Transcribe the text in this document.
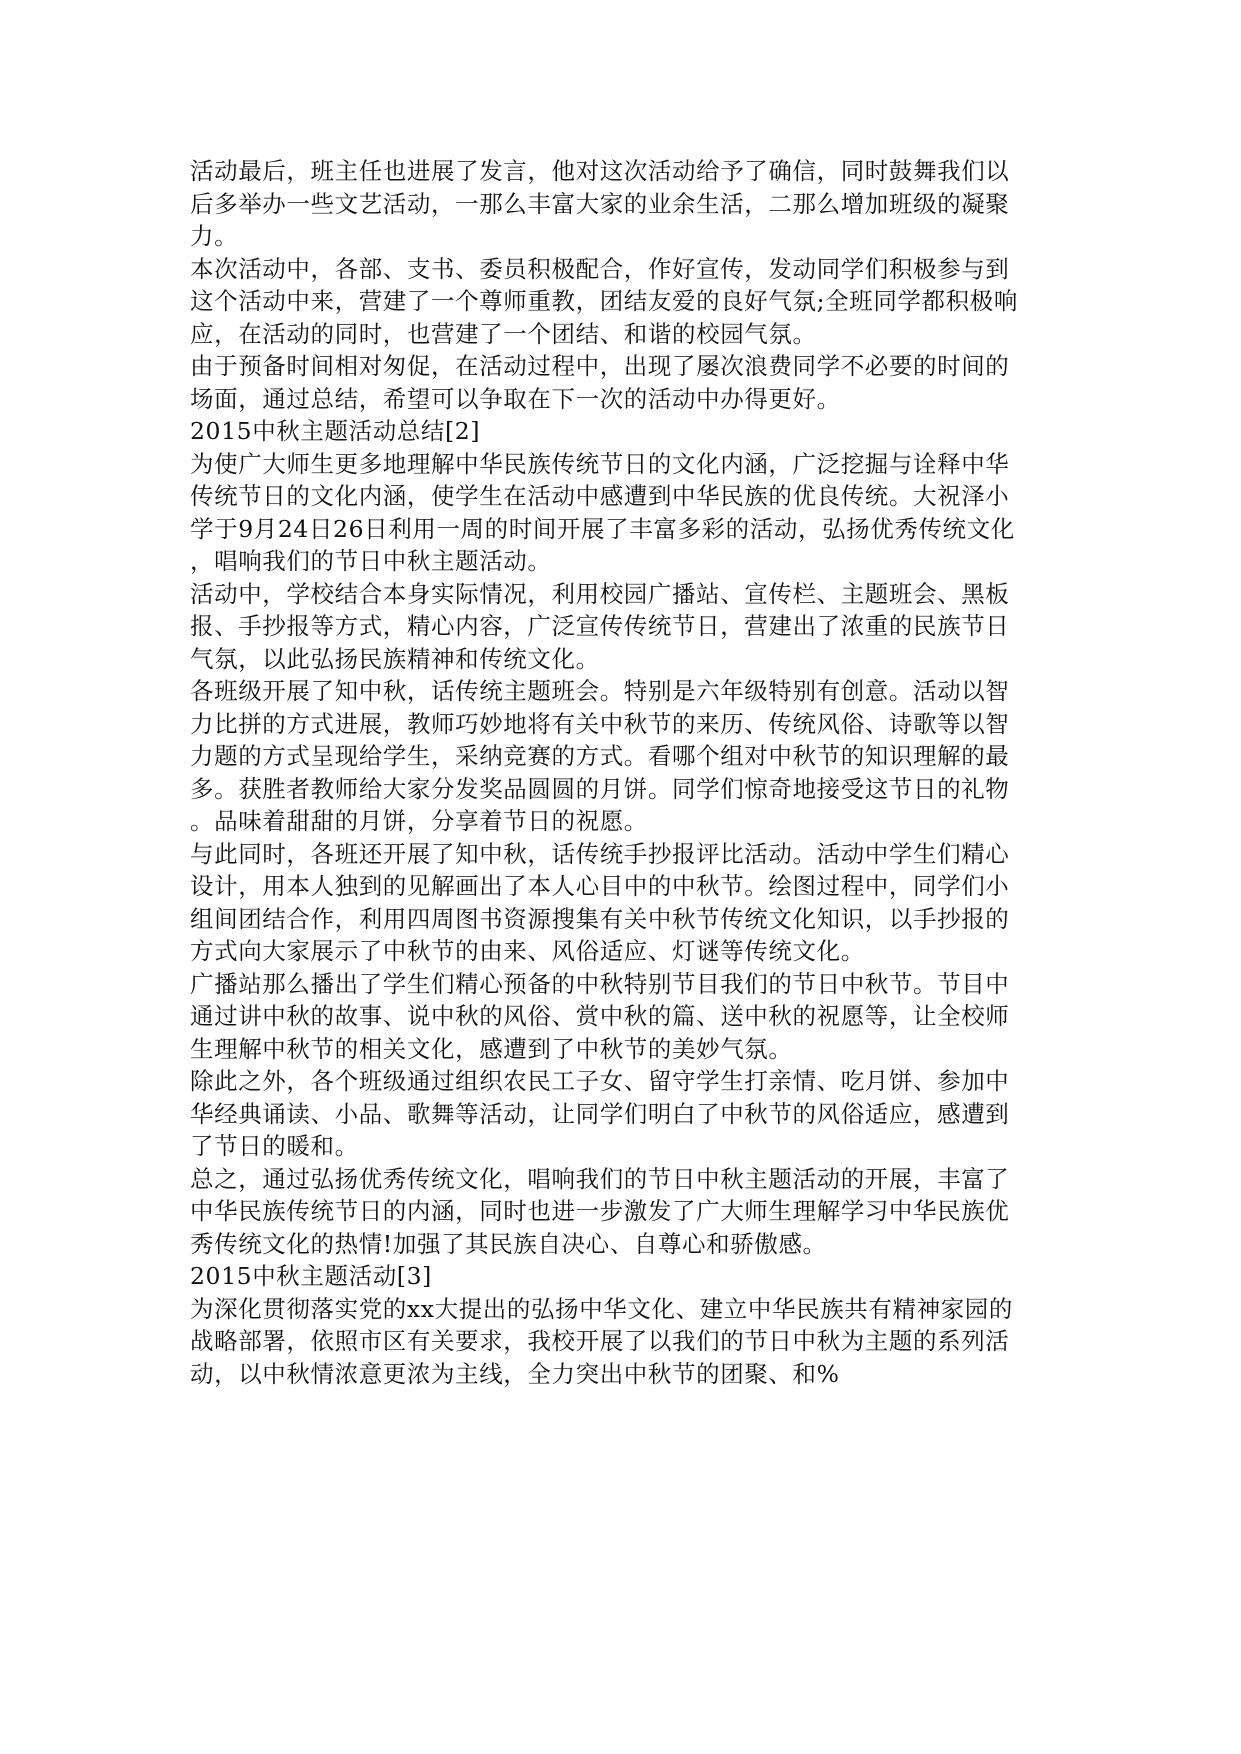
活动最后，班主任也进展了发言，他对这次活动给予了确信，同时鼓舞我们以
后多举办一些文艺活动，一那么丰富大家的业余生活，二那么增加班级的凝聚
力。
本次活动中，各部、支书、委员积极配合，作好宣传，发动同学们积极参与到
这个活动中来，营建了一个尊师重教，团结友爱的良好气氛;全班同学都积极响
应，在活动的同时，也营建了一个团结、和谐的校园气氛。
由于预备时间相对匆促，在活动过程中，出现了屡次浪费同学不必要的时间的
场面，通过总结，希望可以争取在下一次的活动中办得更好。
2015中秋主题活动总结[2]
为使广大师生更多地理解中华民族传统节日的文化内涵，广泛挖掘与诠释中华
传统节日的文化内涵，使学生在活动中感遭到中华民族的优良传统。大祝泽小
学于9月24日26日利用一周的时间开展了丰富多彩的活动，弘扬优秀传统文化
，唱响我们的节日中秋主题活动。
活动中，学校结合本身实际情况，利用校园广播站、宣传栏、主题班会、黑板
报、手抄报等方式，精心内容，广泛宣传传统节日，营建出了浓重的民族节日
气氛，以此弘扬民族精神和传统文化。
各班级开展了知中秋，话传统主题班会。特别是六年级特别有创意。活动以智
力比拼的方式进展，教师巧妙地将有关中秋节的来历、传统风俗、诗歌等以智
力题的方式呈现给学生，采纳竞赛的方式。看哪个组对中秋节的知识理解的最
多。获胜者教师给大家分发奖品圆圆的月饼。同学们惊奇地接受这节日的礼物
。品味着甜甜的月饼，分享着节日的祝愿。
与此同时，各班还开展了知中秋，话传统手抄报评比活动。活动中学生们精心
设计，用本人独到的见解画出了本人心目中的中秋节。绘图过程中，同学们小
组间团结合作，利用四周图书资源搜集有关中秋节传统文化知识，以手抄报的
方式向大家展示了中秋节的由来、风俗适应、灯谜等传统文化。
广播站那么播出了学生们精心预备的中秋特别节目我们的节日中秋节。节目中
通过讲中秋的故事、说中秋的风俗、赏中秋的篇、送中秋的祝愿等，让全校师
生理解中秋节的相关文化，感遭到了中秋节的美妙气氛。
除此之外，各个班级通过组织农民工子女、留守学生打亲情、吃月饼、参加中
华经典诵读、小品、歌舞等活动，让同学们明白了中秋节的风俗适应，感遭到
了节日的暖和。
总之，通过弘扬优秀传统文化，唱响我们的节日中秋主题活动的开展，丰富了
中华民族传统节日的内涵，同时也进一步激发了广大师生理解学习中华民族优
秀传统文化的热情!加强了其民族自决心、自尊心和骄傲感。
2015中秋主题活动[3]
为深化贯彻落实党的xx大提出的弘扬中华文化、建立中华民族共有精神家园的
战略部署，依照市区有关要求，我校开展了以我们的节日中秋为主题的系列活
动，以中秋情浓意更浓为主线，全力突出中秋节的团聚、和%
